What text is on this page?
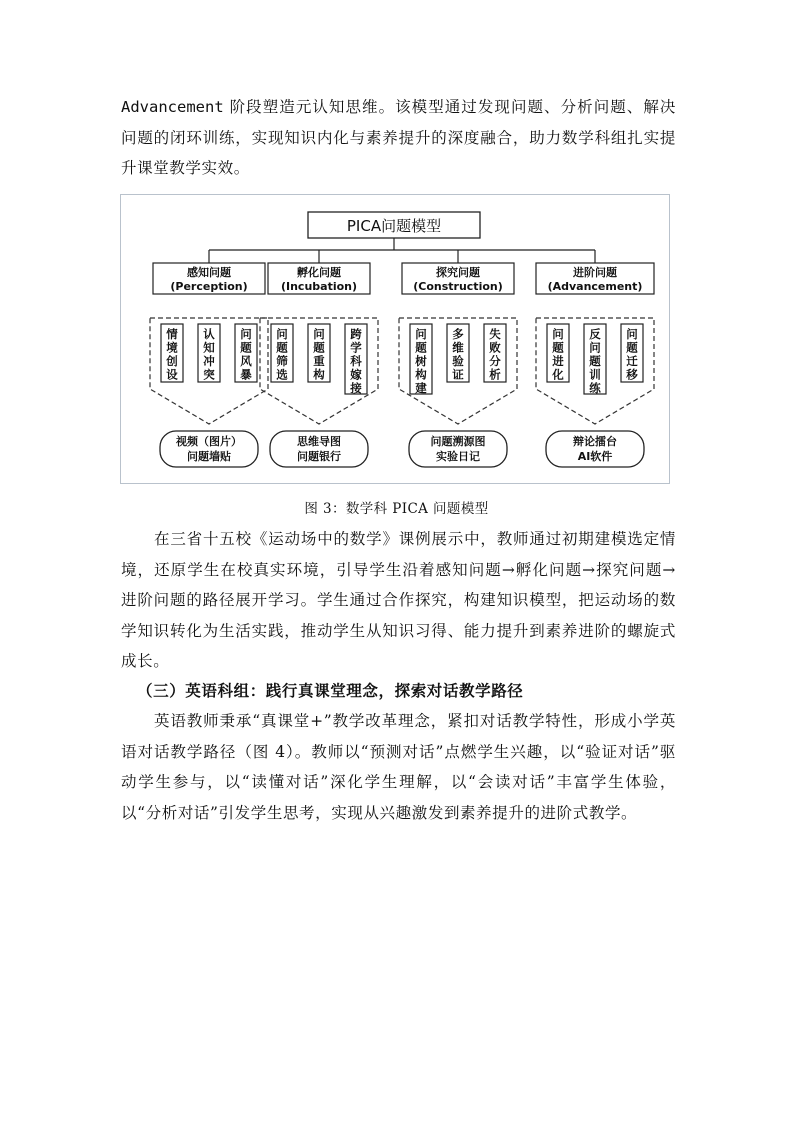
Advancement 阶段塑造元认知思维。该模型通过发现问题、分析问题、解决问题的闭环训练，实现知识内化与素养提升的深度融合，助力数学科组扎实提升课堂教学实效。

PICA问题模型
感知问题
(Perception)
情
境
创
设
认
知
冲
突
问
题
风
暴
视频（图片）
问题墙贴
孵化问题
(Incubation)
问
题
筛
选
问
题
重
构
跨
学
科
嫁
接
思维导图
问题银行
探究问题
(Construction)
问
题
树
构
建
多
维
验
证
失
败
分
析
问题溯源图
实验日记
进阶问题
(Advancement)
问
题
进
化
反
问
题
训
练
问
题
迁
移
辩论擂台
AI软件
图 3：数学科 PICA 问题模型

在三省十五校《运动场中的数学》课例展示中，教师通过初期建模选定情境，还原学生在校真实环境，引导学生沿着感知问题→孵化问题→探究问题→进阶问题的路径展开学习。学生通过合作探究，构建知识模型，把运动场的数学知识转化为生活实践，推动学生从知识习得、能力提升到素养进阶的螺旋式成长。

（三）英语科组：践行真课堂理念，探索对话教学路径

英语教师秉承“真课堂+”教学改革理念，紧扣对话教学特性，形成小学英语对话教学路径（图 4）。教师以“预测对话”点燃学生兴趣，以“验证对话”驱动学生参与，以“读懂对话”深化学生理解，以“会读对话”丰富学生体验，以“分析对话”引发学生思考，实现从兴趣激发到素养提升的进阶式教学。
